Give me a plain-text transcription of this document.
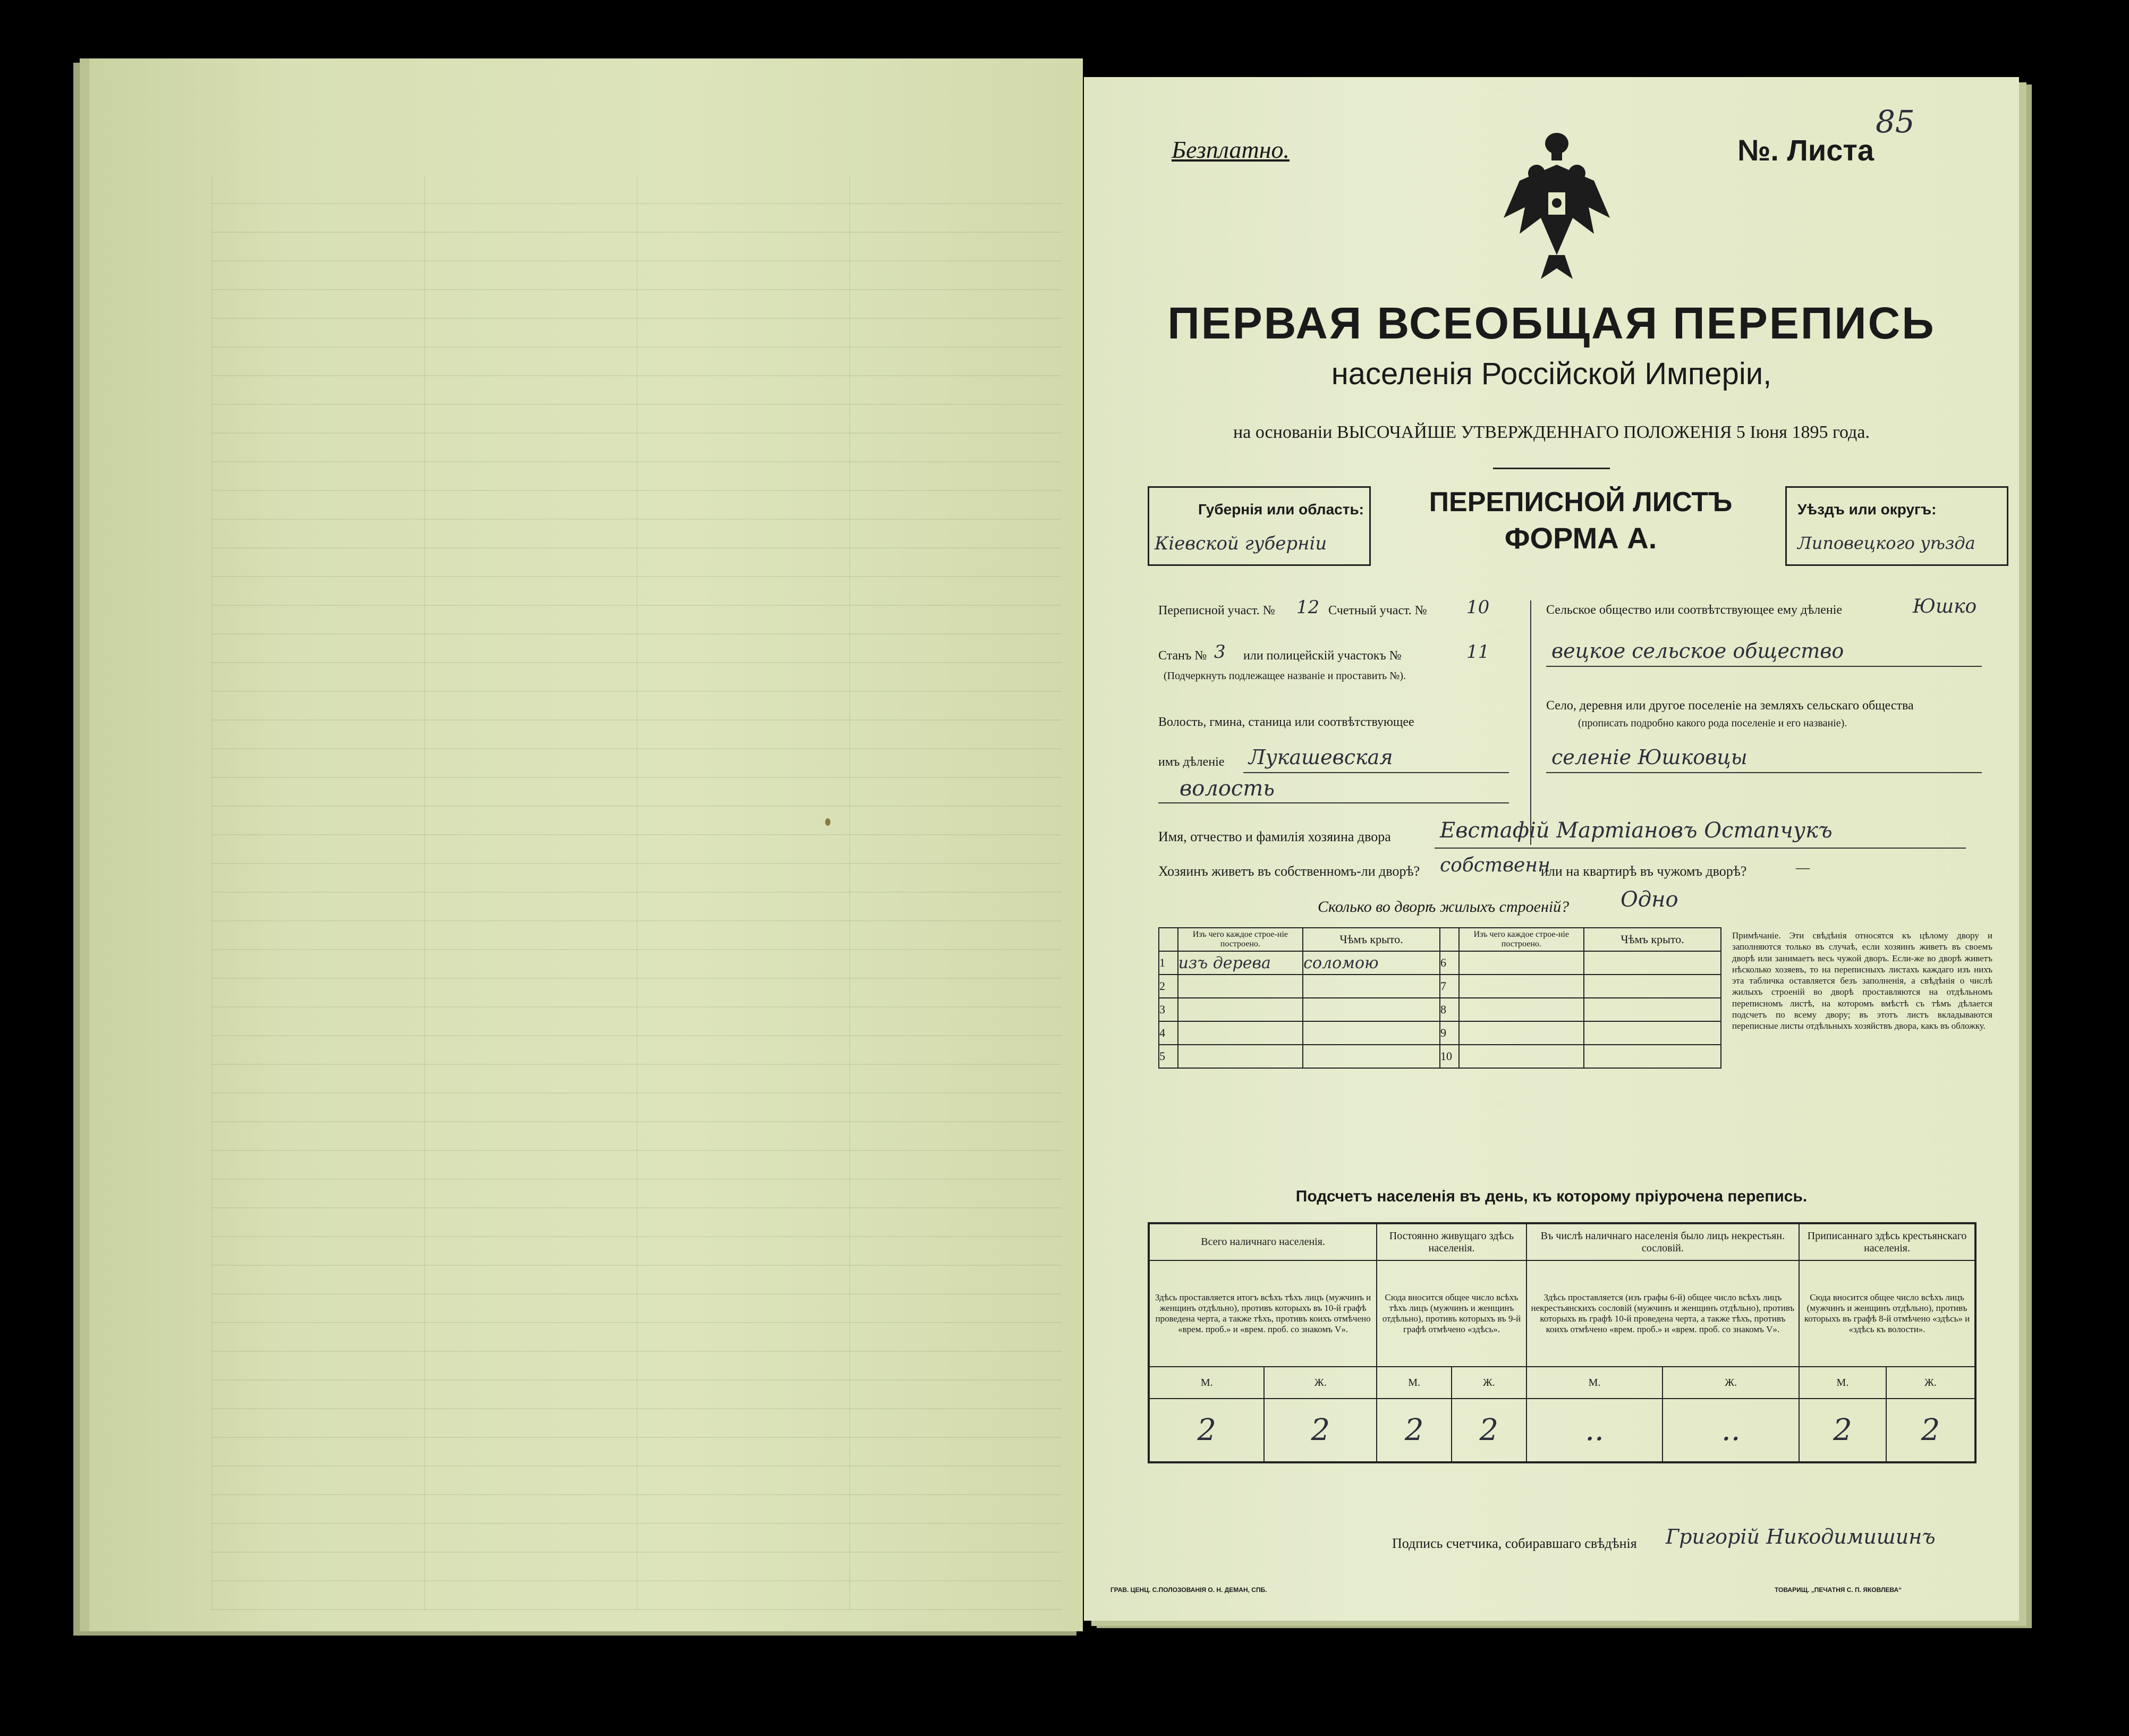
Безплатно.	№. Листа
85
ПЕРВАЯ ВСЕОБЩАЯ ПЕРЕПИСЬ
населенія Россійской Имперіи,
на основаніи ВЫСОЧАЙШЕ УТВЕРЖДЕННАГО ПОЛОЖЕНІЯ 5 Іюня 1895 года.
Губернія или область:
Кіевской губерніи
ПЕРЕПИСНОЙ ЛИСТЪ
ФОРМА А.
Уѣздъ или округъ:
Липовецкого уѣзда
Переписной участ. № 12 Счетный участ. № 10
Станъ № 3 или полицейскій участокъ №	11
(Подчеркнуть подлежащее названіе и проставить №).
Волость, гмина, станица или соотвѣтствующее
имъ дѣленіе Лукашевская
волость
Сельское общество или соотвѣтствующее ему дѣленіе	Юшко
вецкое сельское общество
Село, деревня или другое поселеніе на земляхъ сельскаго общества
(прописать подробно какого рода поселеніе и его названіе).
селеніе Юшковцы
Имя, отчество и фамилія хозяина двора Евстафій Мартіановъ Остапчукъ
Хозяинъ живетъ въ собственномъ-ли дворѣ? собственн
или на квартирѣ въ чужомъ дворѣ?	—
Сколько во дворѣ жилыхъ строеній? Одно
	Изъ чего каждое строе-ніе построено.	Чѣмъ крыто.		Изъ чего каждое строе-ніе построено.	Чѣмъ крыто.
1	изъ дерева	соломою	6		
2			7		
3			8		
4			9		
5			10		
Примѣчаніе. Эти свѣдѣнія относятся къ цѣлому двору и заполняются только въ случаѣ, если хозяинъ живетъ въ своемъ дворѣ или занимаетъ весь чужой дворъ. Если-же во дворѣ живетъ нѣсколько хозяевъ, то на переписныхъ листахъ каждаго изъ нихъ эта табличка оставляется безъ заполненія, а свѣдѣнія о числѣ жилыхъ строеній во дворѣ проставляются на отдѣльномъ переписномъ листѣ, на которомъ вмѣстѣ съ тѣмъ дѣлается подсчетъ по всему двору; въ этотъ листъ вкладываются переписные листы отдѣльныхъ хозяйствъ двора, какъ въ обложку.
Подсчетъ населенія въ день, къ которому пріурочена перепись.
Всего наличнаго населенія.		Постоянно живущаго здѣсь населенія.		Въ числѣ наличнаго населенія было лицъ некрестьян. сословій.		Приписаннаго здѣсь крестьянскаго населенія.	
Здѣсь проставляется итогъ всѣхъ тѣхъ лицъ (мужчинъ и женщинъ отдѣльно), противъ которыхъ въ 10-й графѣ проведена черта, а также тѣхъ, противъ коихъ отмѣчено «врем. проб.» и «врем. проб. со знакомъ V».		Сюда вносится общее число всѣхъ тѣхъ лицъ (мужчинъ и женщинъ отдѣльно), противъ которыхъ въ 9-й графѣ отмѣчено «здѣсь».		Здѣсь проставляется (изъ графы 6-й) общее число всѣхъ лицъ некрестьянскихъ сословій (мужчинъ и женщинъ отдѣльно), противъ которыхъ въ графѣ 10-й проведена черта, а также тѣхъ, противъ коихъ отмѣчено «врем. проб.» и «врем. проб. со знакомъ V».		Сюда вносится общее число всѣхъ лицъ (мужчинъ и женщинъ отдѣльно), противъ которыхъ въ графѣ 8-й отмѣчено «здѣсь» и «здѣсь къ волости».	
М.	Ж.	М.	Ж.	М.	Ж.	М.	Ж.
2	2	2	2	..	..	2	2
Подпись счетчика, собиравшаго свѣдѣнія Григорій Никодимишинъ
ГРАВ. ЦЕНЦ. С.ПОЛОЗОВАНІЯ О. Н. ДЕМАН, СПБ.	ТОВАРИЩ. „ПЕЧАТНЯ С. П. ЯКОВЛЕВА“
